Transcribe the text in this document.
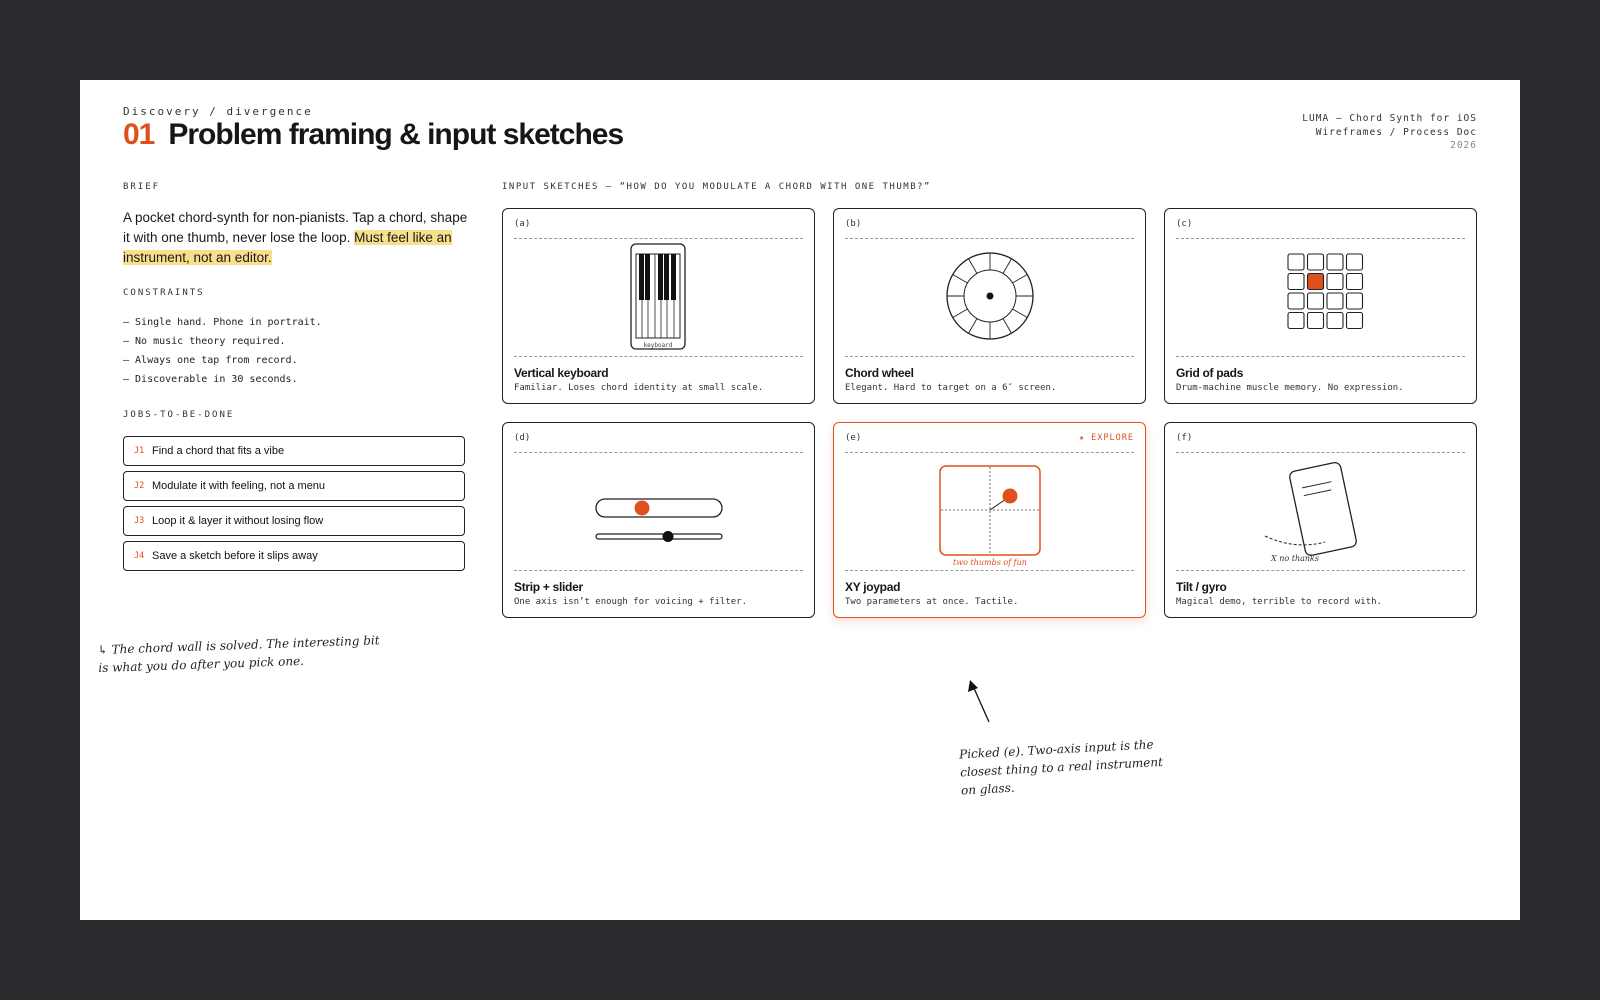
Discovery / divergence
01 Problem framing & input sketches	LUMA — Chord Synth for iOS
Wireframes / Process Doc
2026
BRIEF

A pocket chord-synth for non-pianists. Tap a chord, shape it with one thumb, never lose the loop. Must feel like an instrument, not an editor.

CONSTRAINTS
— Single hand. Phone in portrait.
— No music theory required.
— Always one tap from record.
— Discoverable in 30 seconds.
JOBS-TO-BE-DONE
J1 Find a chord that fits a vibe
J2 Modulate it with feeling, not a menu
J3 Loop it & layer it without losing flow
J4 Save a sketch before it slips away
↳ The chord wall is solved. The interesting bit is what you do after you pick one.
INPUT SKETCHES — “HOW DO YOU MODULATE A CHORD WITH ONE THUMB?”
(a)
keyboard
Vertical keyboard
Familiar. Loses chord identity at small scale.
(b)
Chord wheel
Elegant. Hard to target on a 6″ screen.
(c)
Grid of pads
Drum-machine muscle memory. No expression.
(d)
Strip + slider
One axis isn’t enough for voicing + filter.
(e)	★ EXPLORE
two thumbs of fun
XY joypad
Two parameters at once. Tactile.
(f)
X no thanks
Tilt / gyro
Magical demo, terrible to record with.
Picked (e). Two-axis input is the closest thing to a real instrument on glass.
